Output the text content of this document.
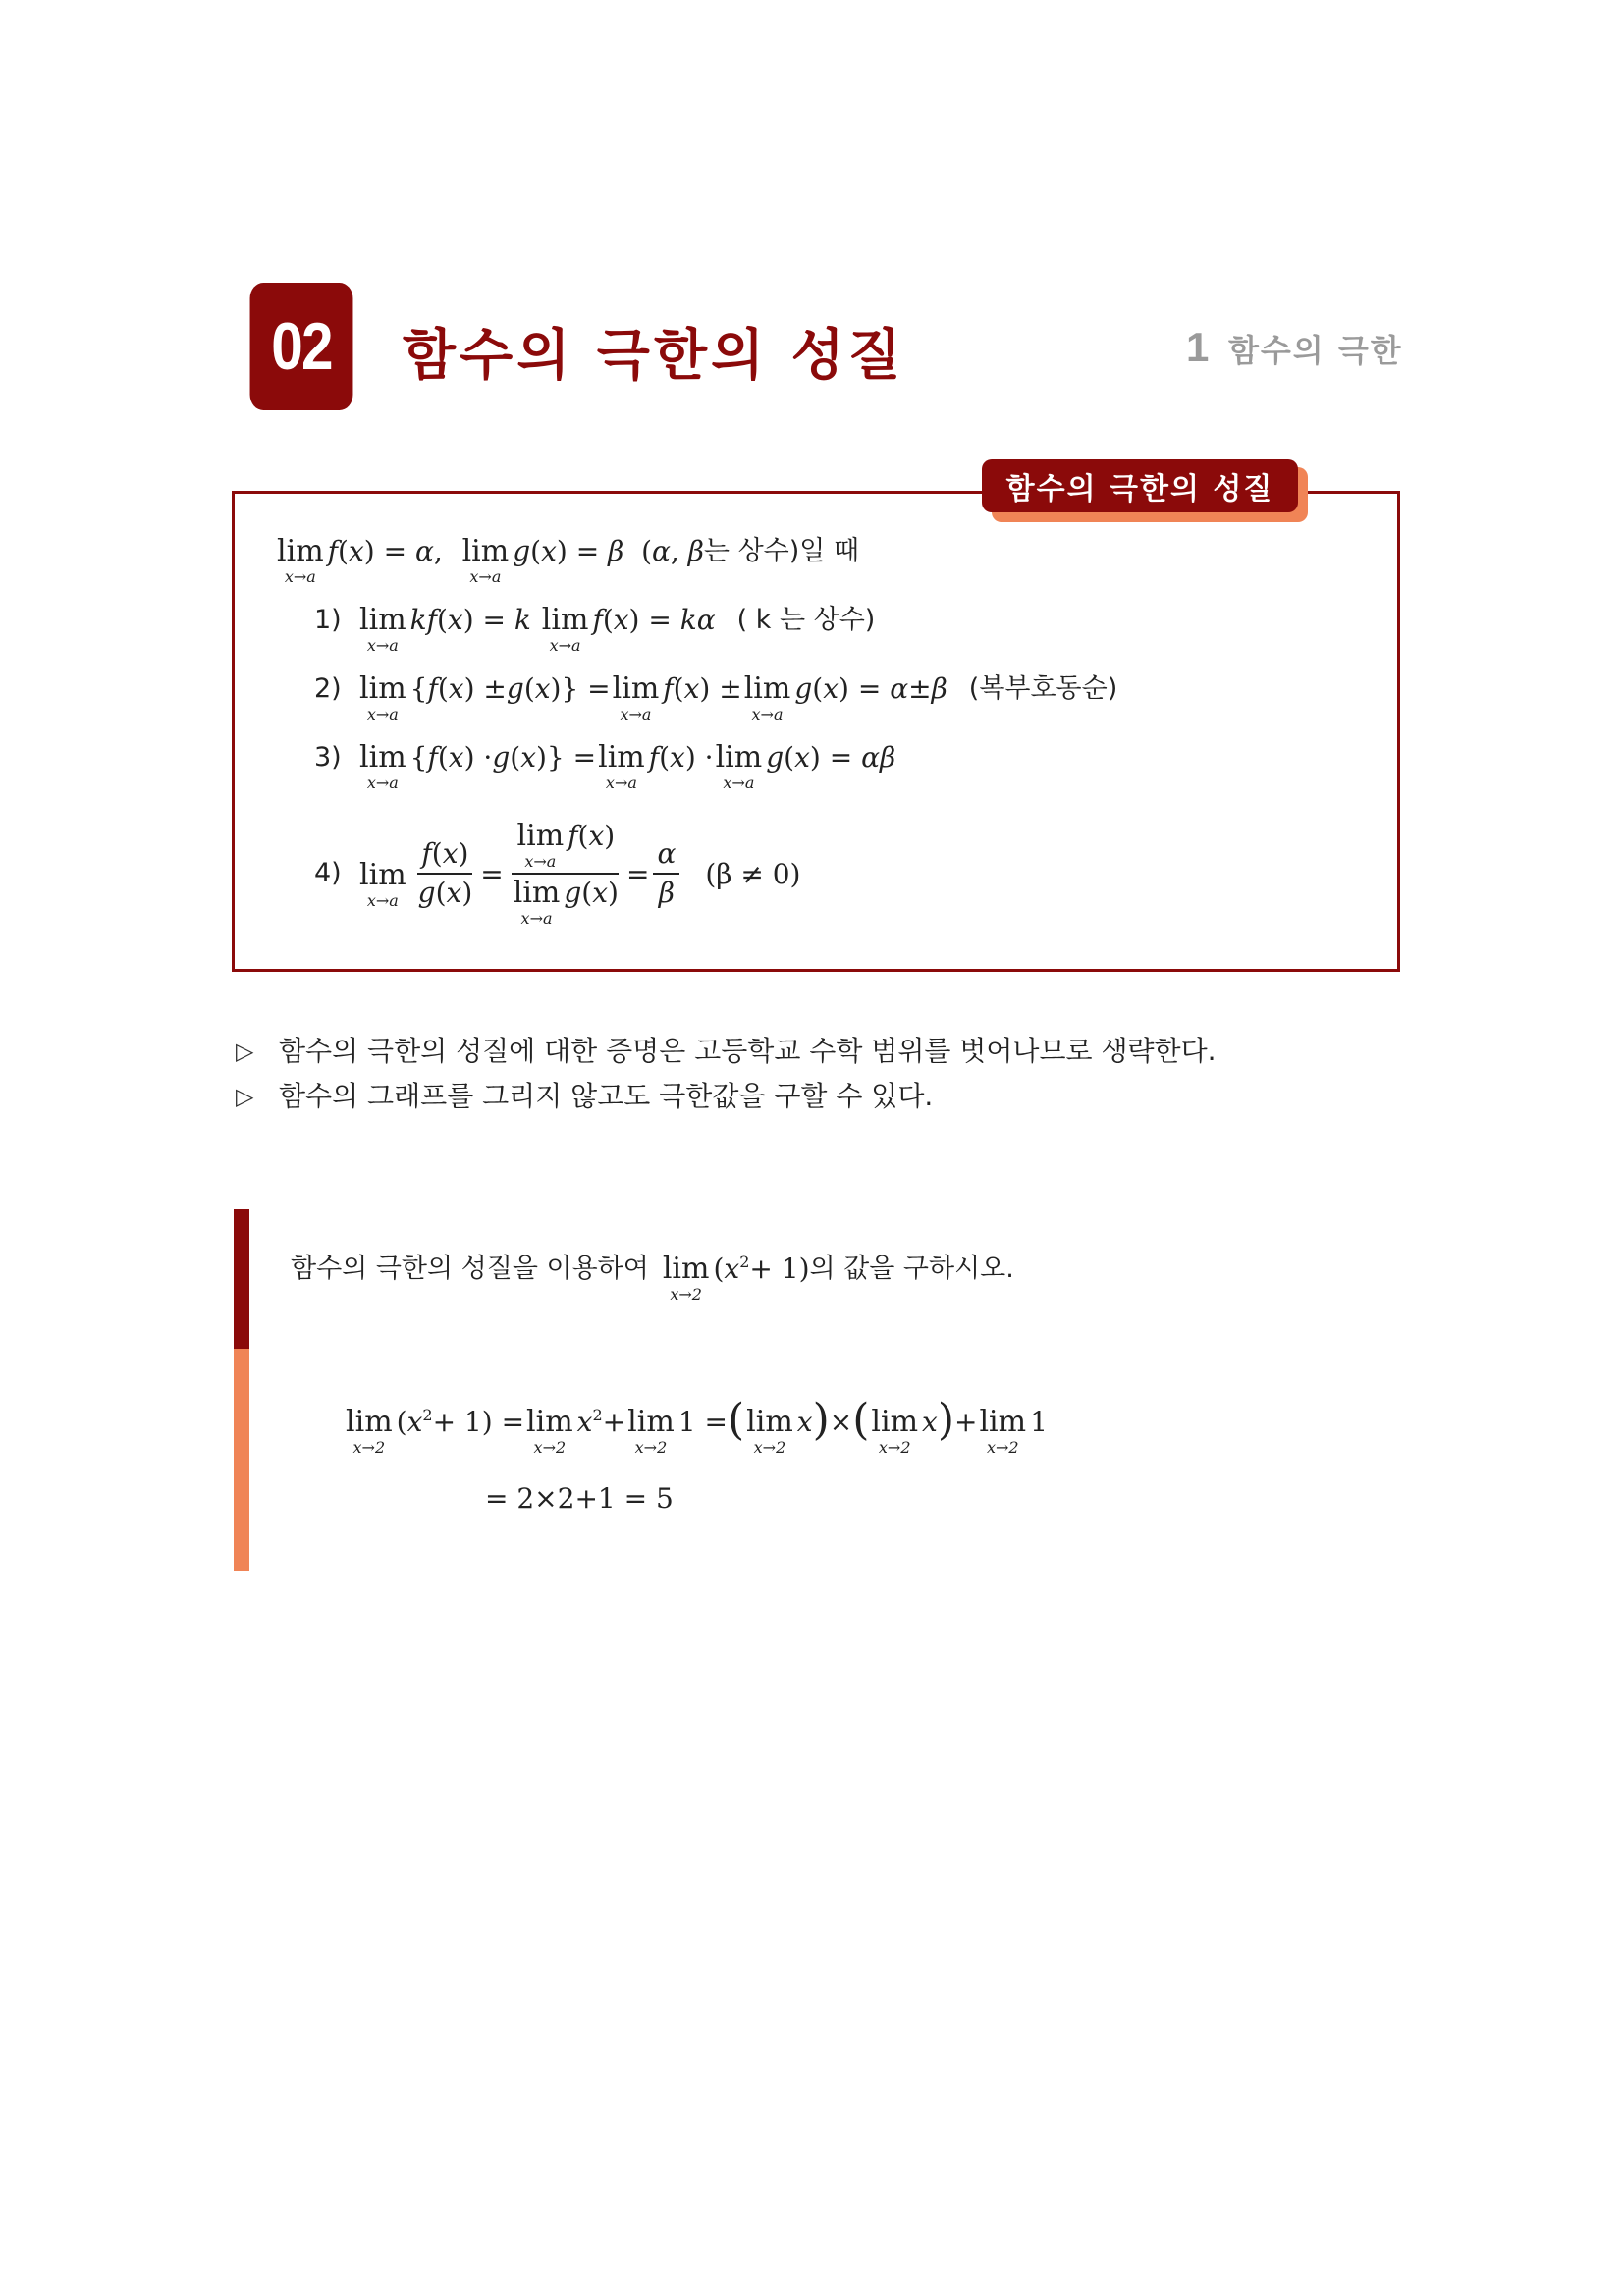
02	함수의 극한의 성질	1 함수의 극한
함수의 극한의 성질
lim
x→a
f ( x ) = α , lim
x→a
g ( x ) = β ( α , β 는 상수)일 때
1) lim
x→a
kf ( x ) = k lim
x→a
f ( x ) = kα ( k 는 상수)
2) lim
x→a
{ f ( x ) ± g ( x )} = lim
x→a
f ( x ) ± lim
x→a
g ( x ) = α ± β (복부호동순)
3) lim
x→a
{ f ( x ) · g ( x )} = lim
x→a
f ( x ) · lim
x→a
g ( x ) = αβ
4) lim
$x\to a \frac{f(x)}{g(x)} = \lim$
x→a
f ( x )
lim
x→a
g ( x ) = $\frac{\alpha}{\beta} (\beta \ne 0)$
▷ 함수의 극한의 성질에 대한 증명은 고등학교 수학 범위를 벗어나므로 생략한다.
▷ 함수의 그래프를 그리지 않고도 극한값을 구할 수 있다.
함수의 극한의 성질을 이용하여 lim
x→2
( $x^2 + 1$) 의 값을 구하시오.
lim
x→2
( $x^2 + 1) = \lim$
x→2
$x^2 + \lim$
x→2
1 = ( lim
x→2
x ) × ( lim
x→2
x ) + lim
x→2
1
= 2×2+1 = 5
